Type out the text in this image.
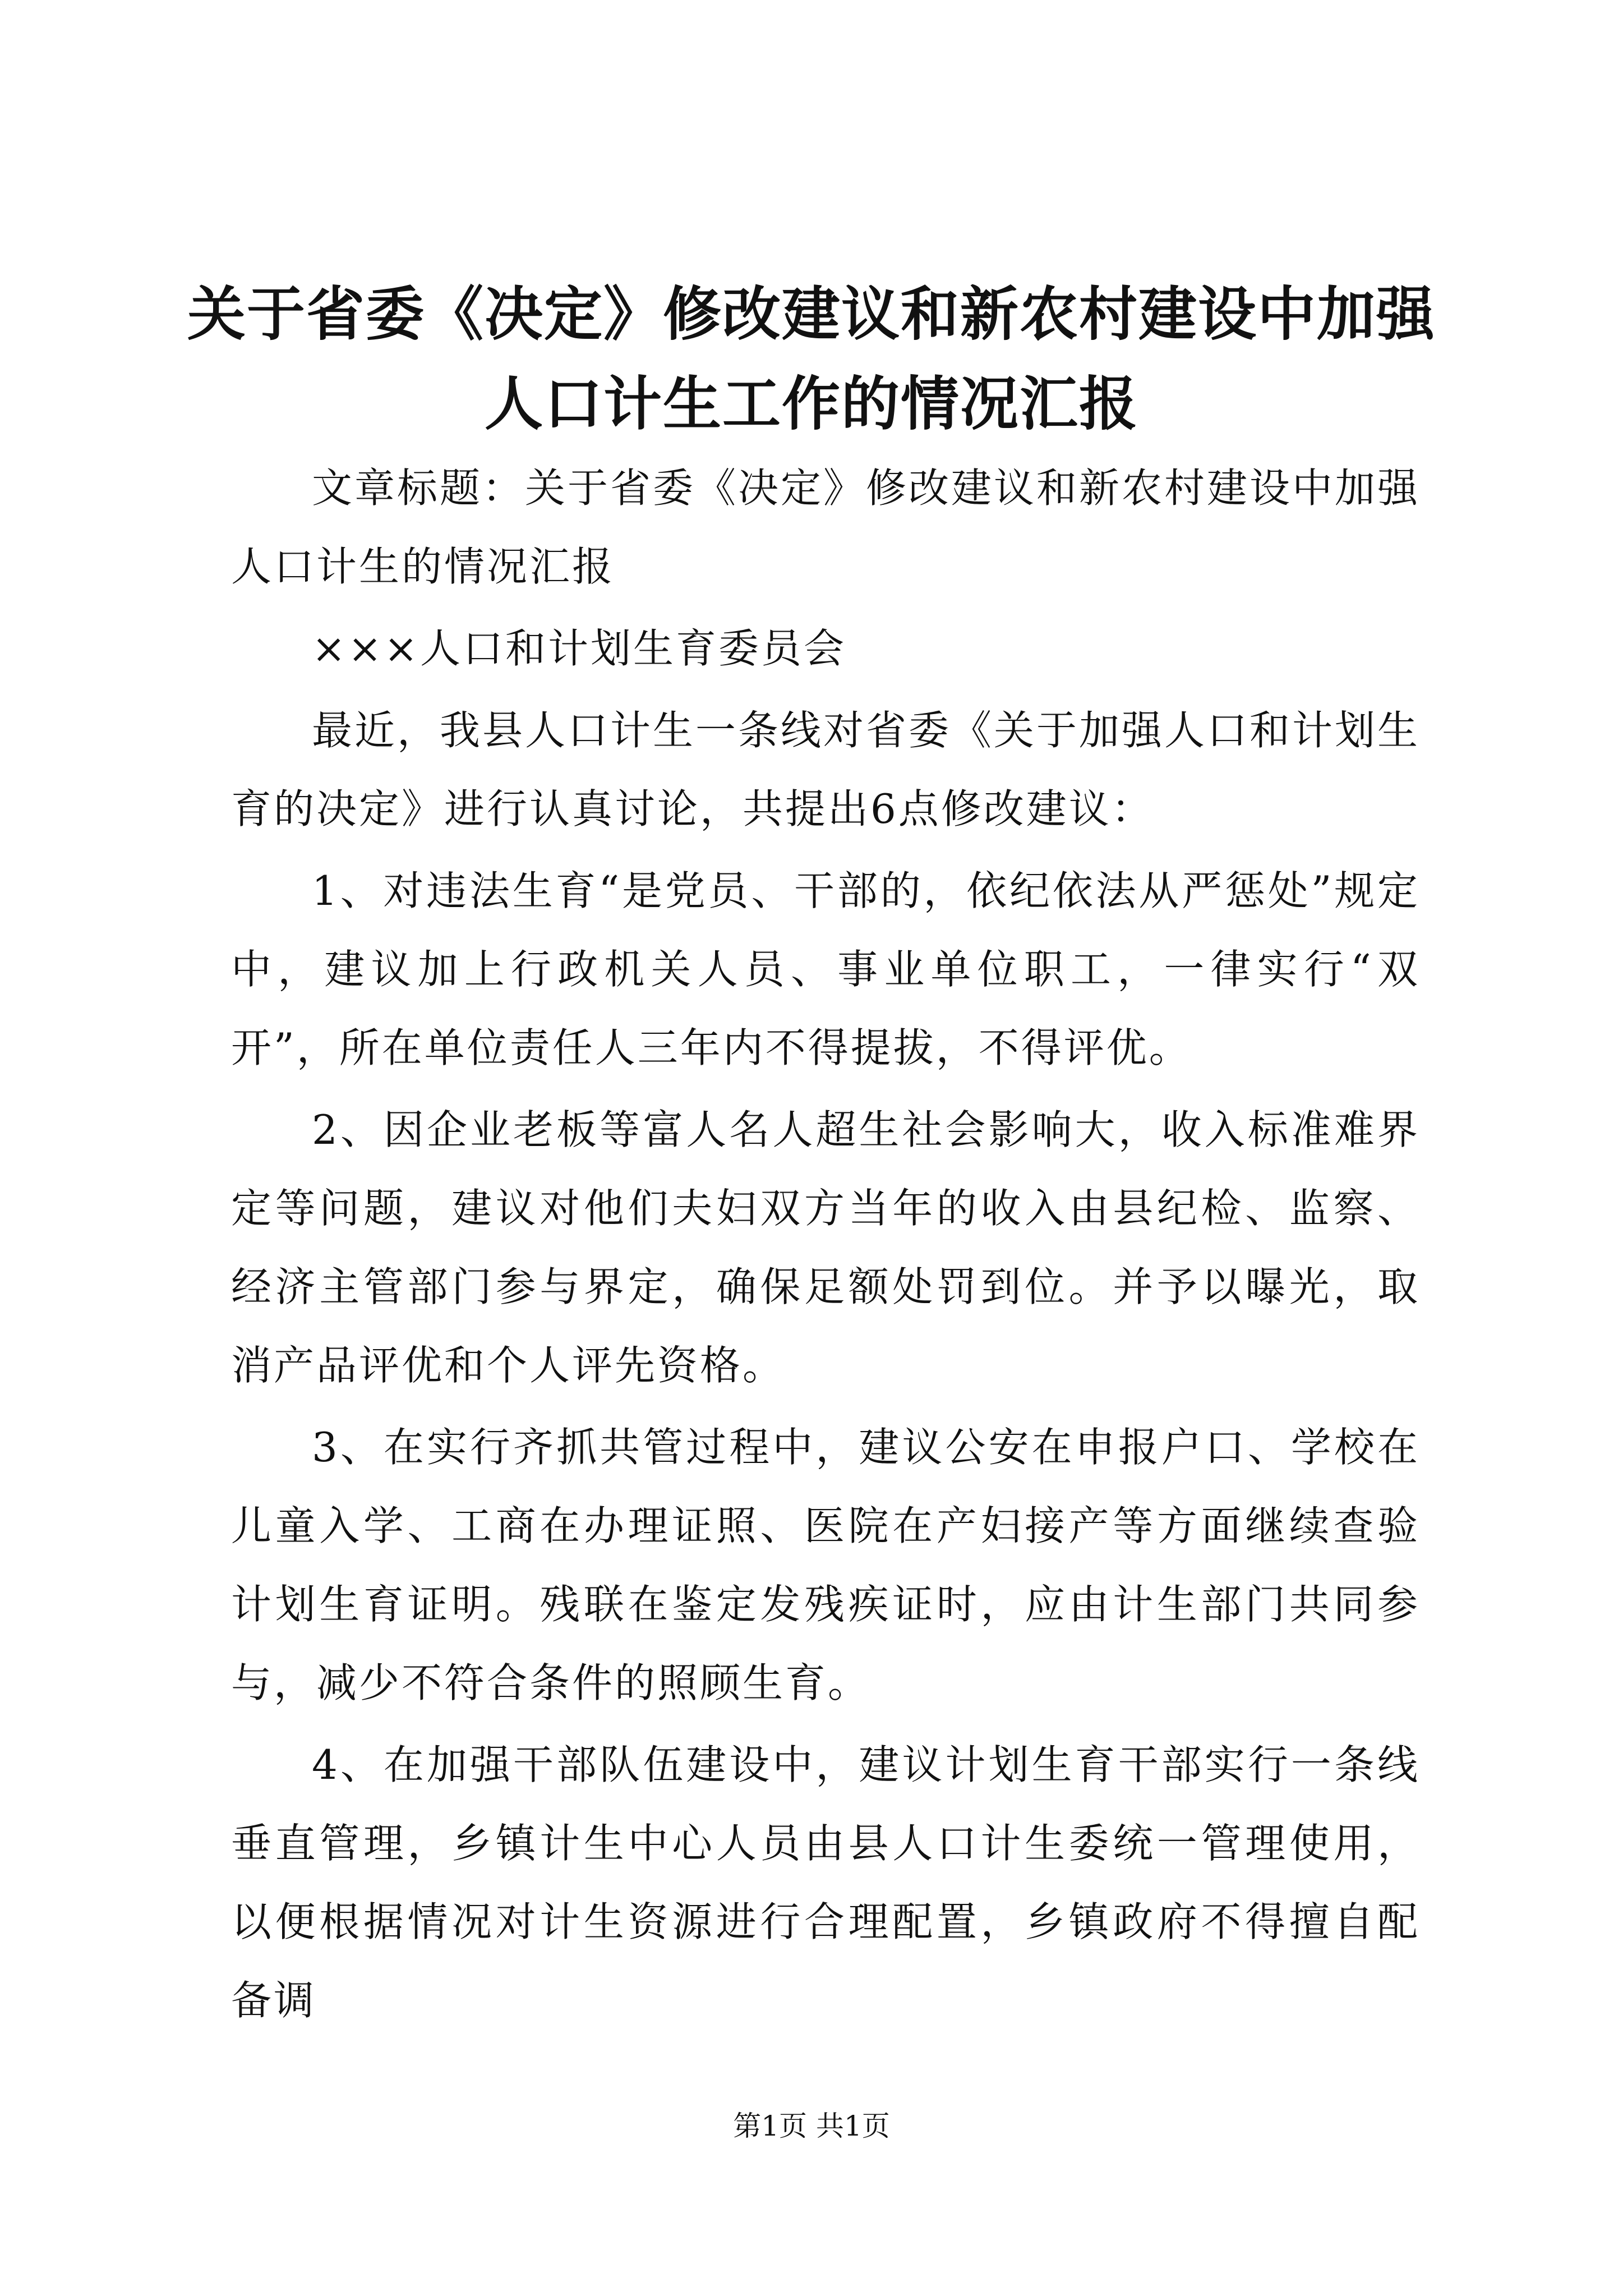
关于省委《决定》修改建议和新农村建设中加强人口计生工作的情况汇报

文章标题：关于省委《决定》修改建议和新农村建设中加强人口计生的情况汇报

×××人口和计划生育委员会

最近，我县人口计生一条线对省委《关于加强人口和计划生育的决定》进行认真讨论，共提出6点修改建议：

1、对违法生育“是党员、干部的，依纪依法从严惩处”规定中，建议加上行政机关人员、事业单位职工，一律实行“双开”，所在单位责任人三年内不得提拔，不得评优。

2、因企业老板等富人名人超生社会影响大，收入标准难界定等问题，建议对他们夫妇双方当年的收入由县纪检、监察、经济主管部门参与界定，确保足额处罚到位。并予以曝光，取消产品评优和个人评先资格。

3、在实行齐抓共管过程中，建议公安在申报户口、学校在儿童入学、工商在办理证照、医院在产妇接产等方面继续查验计划生育证明。残联在鉴定发残疾证时，应由计生部门共同参与，减少不符合条件的照顾生育。

4、在加强干部队伍建设中，建议计划生育干部实行一条线垂直管理，乡镇计生中心人员由县人口计生委统一管理使用，以便根据情况对计生资源进行合理配置，乡镇政府不得擅自配备调

第1页 共1页
